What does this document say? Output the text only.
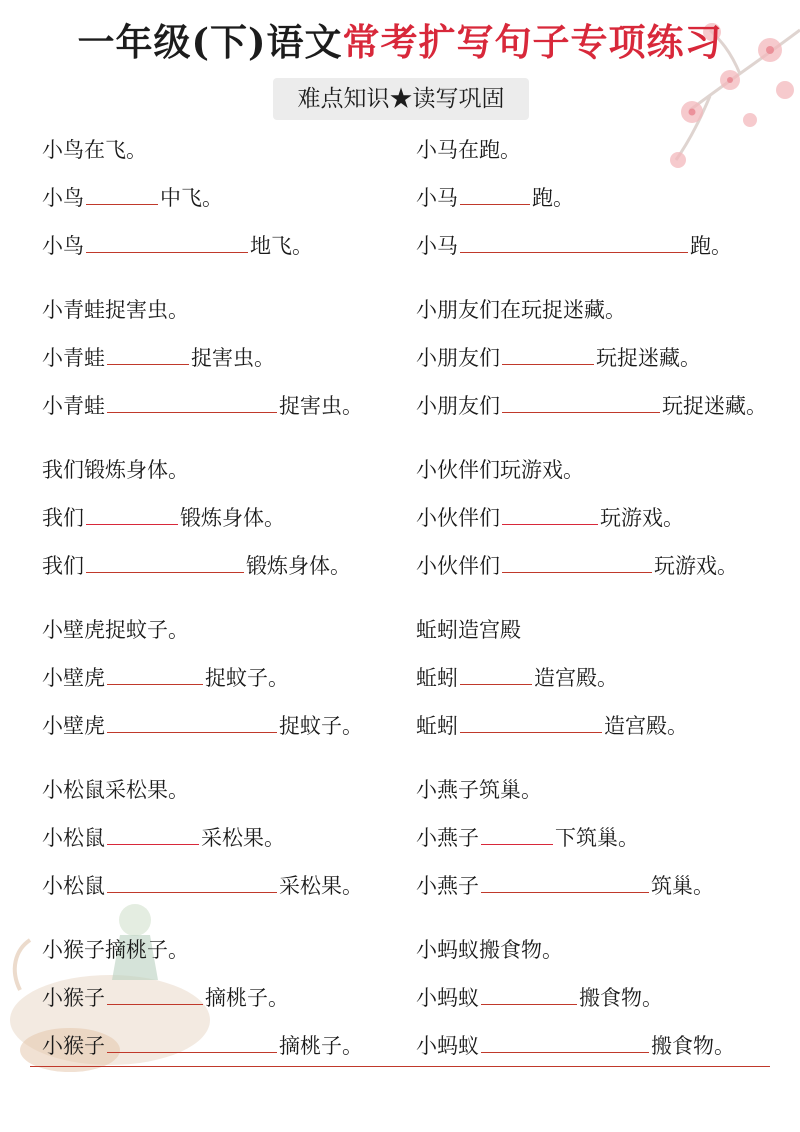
一年级(下)语文常考扩写句子专项练习
难点知识★读写巩固
小鸟在飞。
小鸟	中飞。
小鸟	地飞。
小青蛙捉害虫。
小青蛙	捉害虫。
小青蛙	捉害虫。
我们锻炼身体。
我们	锻炼身体。
我们	锻炼身体。
小壁虎捉蚊子。
小壁虎	捉蚊子。
小壁虎	捉蚊子。
小松鼠采松果。
小松鼠	采松果。
小松鼠	采松果。
小猴子摘桃子。
小猴子	摘桃子。
小猴子	摘桃子。
小马在跑。
小马	跑。
小马	跑。
小朋友们在玩捉迷藏。
小朋友们	玩捉迷藏。
小朋友们	玩捉迷藏。
小伙伴们玩游戏。
小伙伴们	玩游戏。
小伙伴们	玩游戏。
蚯蚓造宫殿
蚯蚓	造宫殿。
蚯蚓	造宫殿。
小燕子筑巢。
小燕子	下筑巢。
小燕子	筑巢。
小蚂蚁搬食物。
小蚂蚁	搬食物。
小蚂蚁	搬食物。
